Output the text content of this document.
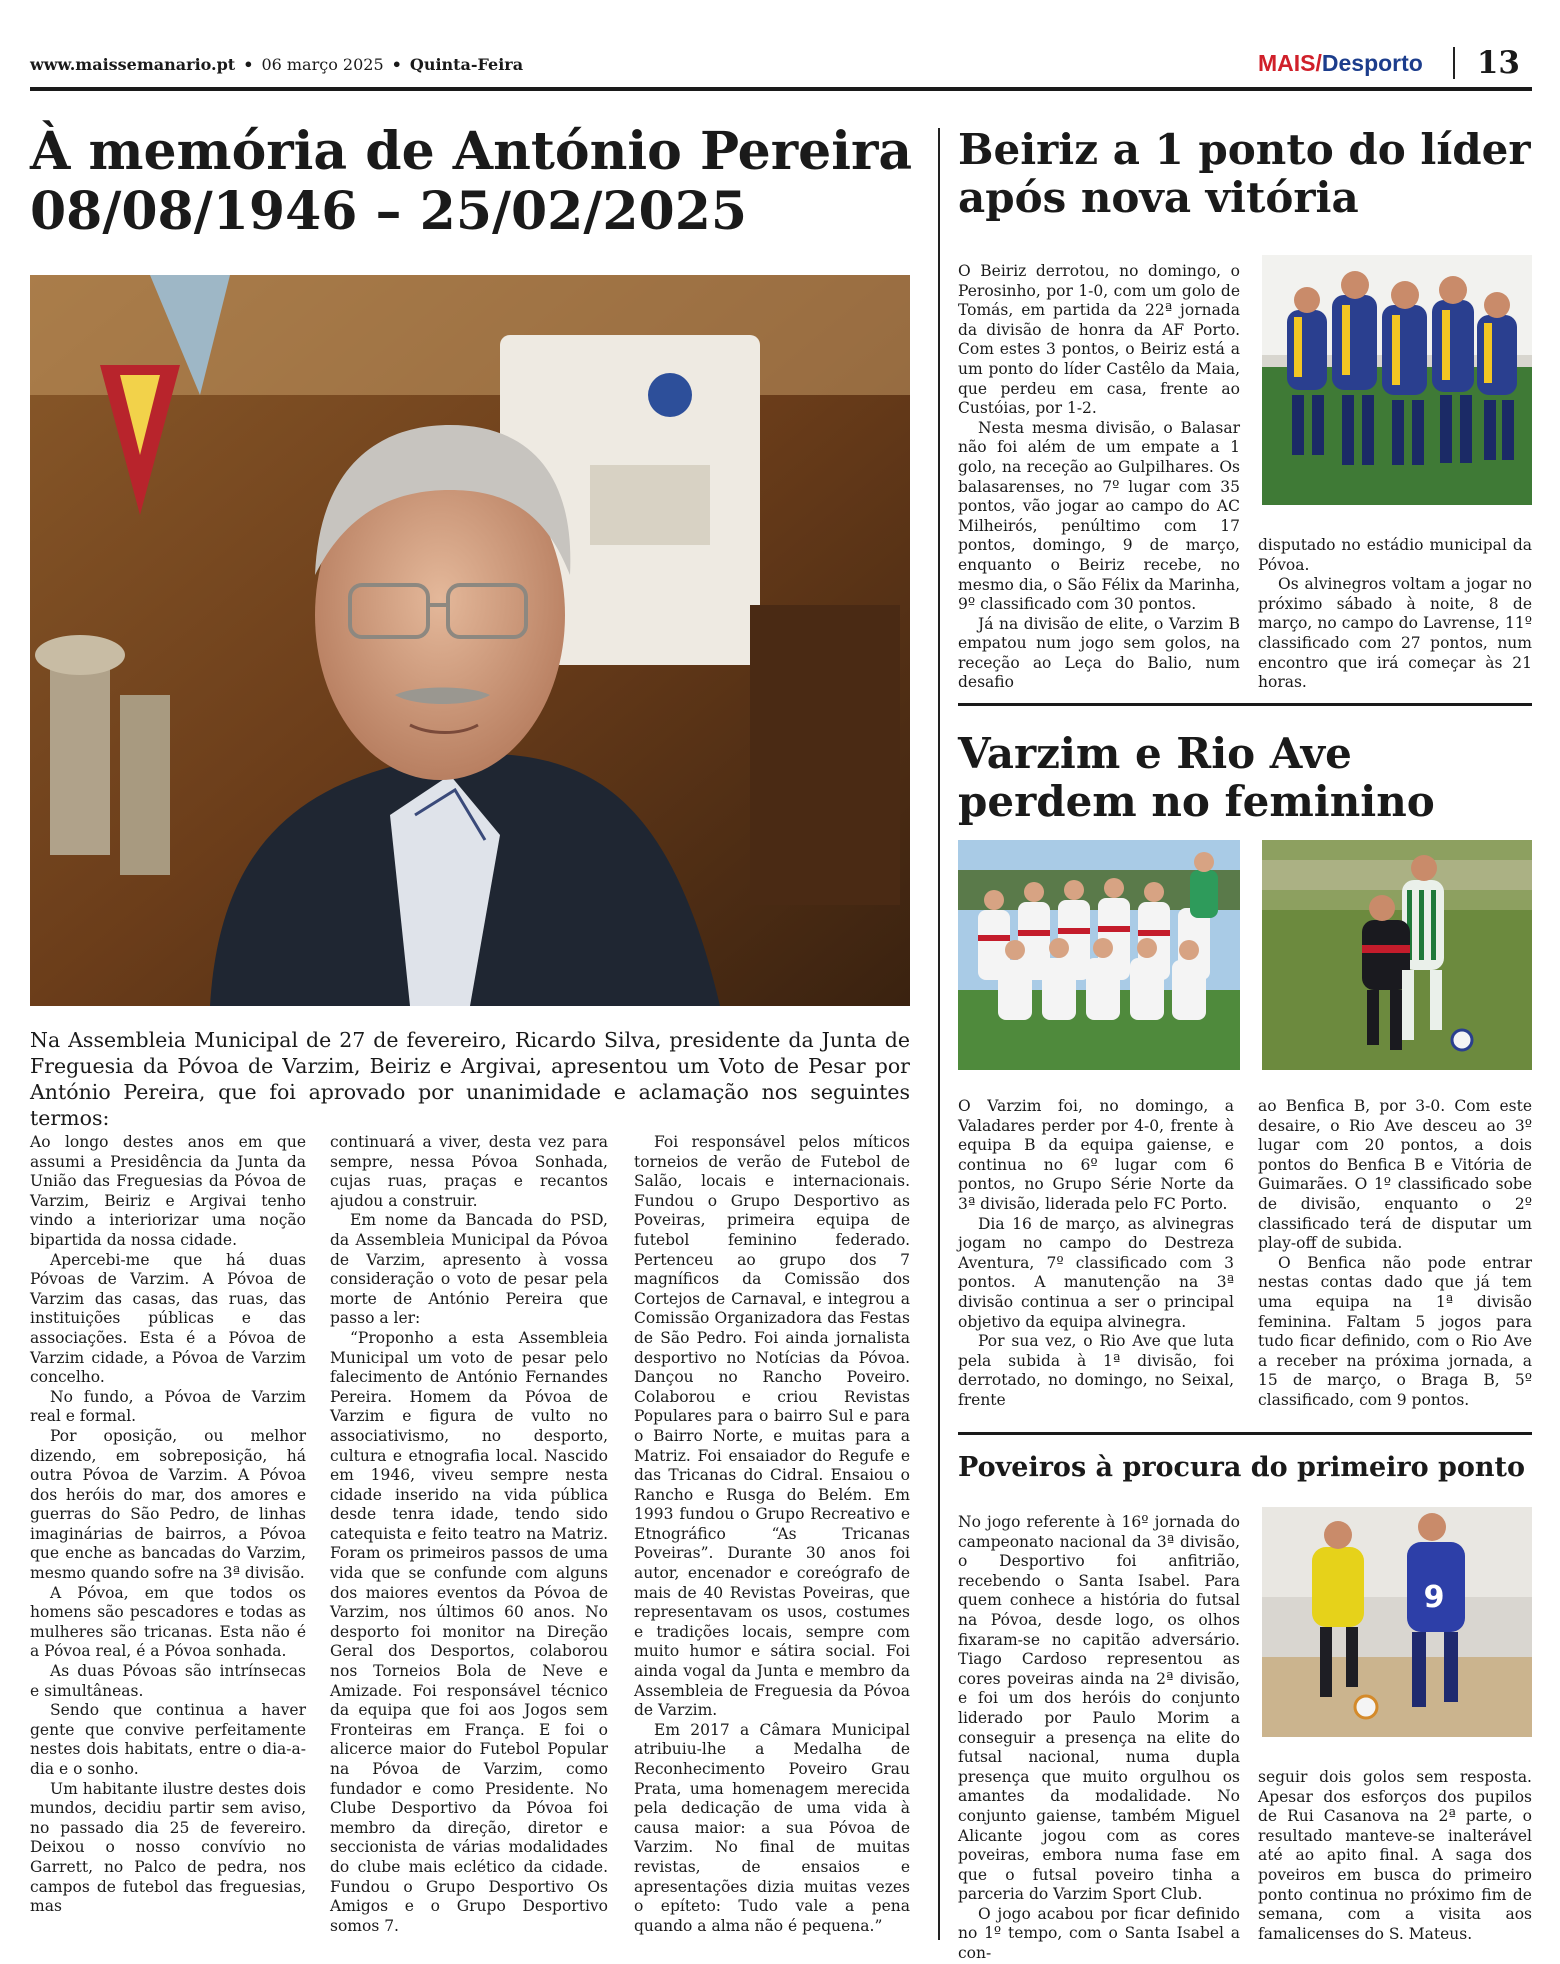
www.maissemanario.pt • 06 março 2025 • Quinta-Feira	MAIS / Desporto 13
À memória de António Pereira
08/08/1946 – 25/02/2025

Na Assembleia Municipal de 27 de fevereiro, Ricardo Silva, presidente da Junta de Freguesia da Póvoa de Varzim, Beiriz e Argivai, apresentou um Voto de Pesar por António Pereira, que foi aprovado por unanimidade e aclamação nos seguintes termos:

Ao longo destes anos em que assumi a Presidência da Junta da União das Freguesias da Póvoa de Varzim, Beiriz e Argivai tenho vindo a interiorizar uma noção bipartida da nossa cidade.

Apercebi-me que há duas Póvoas de Varzim. A Póvoa de Varzim das casas, das ruas, das instituições públicas e das associações. Esta é a Póvoa de Varzim cidade, a Póvoa de Varzim concelho.

No fundo, a Póvoa de Varzim real e formal.

Por oposição, ou melhor dizendo, em sobreposição, há outra Póvoa de Varzim. A Póvoa dos heróis do mar, dos amores e guerras do São Pedro, de linhas imaginárias de bairros, a Póvoa que enche as bancadas do Varzim, mesmo quando sofre na 3ª divisão.

A Póvoa, em que todos os homens são pescadores e todas as mulheres são tricanas. Esta não é a Póvoa real, é a Póvoa sonhada.

As duas Póvoas são intrínsecas e simultâneas.

Sendo que continua a haver gente que convive perfeitamente nestes dois habitats, entre o dia-a-dia e o sonho.

Um habitante ilustre destes dois mundos, decidiu partir sem aviso, no passado dia 25 de fevereiro. Deixou o nosso convívio no Garrett, no Palco de pedra, nos campos de futebol das freguesias, mas

continuará a viver, desta vez para sempre, nessa Póvoa Sonhada, cujas ruas, praças e recantos ajudou a construir.

Em nome da Bancada do PSD, da Assembleia Municipal da Póvoa de Varzim, apresento à vossa consideração o voto de pesar pela morte de António Pereira que passo a ler:

“Proponho a esta Assembleia Municipal um voto de pesar pelo falecimento de António Fernandes Pereira. Homem da Póvoa de Varzim e figura de vulto no associativismo, no desporto, cultura e etnografia local. Nascido em 1946, viveu sempre nesta cidade inserido na vida pública desde tenra idade, tendo sido catequista e feito teatro na Matriz. Foram os primeiros passos de uma vida que se confunde com alguns dos maiores eventos da Póvoa de Varzim, nos últimos 60 anos. No desporto foi monitor na Direção Geral dos Desportos, colaborou nos Torneios Bola de Neve e Amizade. Foi responsável técnico da equipa que foi aos Jogos sem Fronteiras em França. E foi o alicerce maior do Futebol Popular na Póvoa de Varzim, como fundador e como Presidente. No Clube Desportivo da Póvoa foi membro da direção, diretor e seccionista de várias modalidades do clube mais eclético da cidade. Fundou o Grupo Desportivo Os Amigos e o Grupo Desportivo somos 7.

Foi responsável pelos míticos torneios de verão de Futebol de Salão, locais e internacionais. Fundou o Grupo Desportivo as Poveiras, primeira equipa de futebol feminino federado. Pertenceu ao grupo dos 7 magníficos da Comissão dos Cortejos de Carnaval, e integrou a Comissão Organizadora das Festas de São Pedro. Foi ainda jornalista desportivo no Notícias da Póvoa. Dançou no Rancho Poveiro. Colaborou e criou Revistas Populares para o bairro Sul e para o Bairro Norte, e muitas para a Matriz. Foi ensaiador do Regufe e das Tricanas do Cidral. Ensaiou o Rancho e Rusga do Belém. Em 1993 fundou o Grupo Recreativo e Etnográfico “As Tricanas Poveiras”. Durante 30 anos foi autor, encenador e coreógrafo de mais de 40 Revistas Poveiras, que representavam os usos, costumes e tradições locais, sempre com muito humor e sátira social. Foi ainda vogal da Junta e membro da Assembleia de Freguesia da Póvoa de Varzim.

Em 2017 a Câmara Municipal atribuiu-lhe a Medalha de Reconhecimento Poveiro Grau Prata, uma homenagem merecida pela dedicação de uma vida à causa maior: a sua Póvoa de Varzim. No final de muitas revistas, de ensaios e apresentações dizia muitas vezes o epíteto: Tudo vale a pena quando a alma não é pequena.”

Beiriz a 1 ponto do líder após nova vitória

O Beiriz derrotou, no domingo, o Perosinho, por 1-0, com um golo de Tomás, em partida da 22ª jornada da divisão de honra da AF Porto. Com estes 3 pontos, o Beiriz está a um ponto do líder Castêlo da Maia, que perdeu em casa, frente ao Custóias, por 1-2.

Nesta mesma divisão, o Balasar não foi além de um empate a 1 golo, na receção ao Gulpilhares. Os balasarenses, no 7º lugar com 35 pontos, vão jogar ao campo do AC Milheirós, penúltimo com 17 pontos, domingo, 9 de março, enquanto o Beiriz recebe, no mesmo dia, o São Félix da Marinha, 9º classificado com 30 pontos.

Já na divisão de elite, o Varzim B empatou num jogo sem golos, na receção ao Leça do Balio, num desafio

disputado no estádio municipal da Póvoa.

Os alvinegros voltam a jogar no próximo sábado à noite, 8 de março, no campo do Lavrense, 11º classificado com 27 pontos, num encontro que irá começar às 21 horas.

Varzim e Rio Ave perdem no feminino

O Varzim foi, no domingo, a Valadares perder por 4-0, frente à equipa B da equipa gaiense, e continua no 6º lugar com 6 pontos, no Grupo Série Norte da 3ª divisão, liderada pelo FC Porto.

Dia 16 de março, as alvinegras jogam no campo do Destreza Aventura, 7º classificado com 3 pontos. A manutenção na 3ª divisão continua a ser o principal objetivo da equipa alvinegra.

Por sua vez, o Rio Ave que luta pela subida à 1ª divisão, foi derrotado, no domingo, no Seixal, frente

ao Benfica B, por 3-0. Com este desaire, o Rio Ave desceu ao 3º lugar com 20 pontos, a dois pontos do Benfica B e Vitória de Guimarães. O 1º classificado sobe de divisão, enquanto o 2º classificado terá de disputar um play-off de subida.

O Benfica não pode entrar nestas contas dado que já tem uma equipa na 1ª divisão feminina. Faltam 5 jogos para tudo ficar definido, com o Rio Ave a receber na próxima jornada, a 15 de março, o Braga B, 5º classificado, com 9 pontos.

Poveiros à procura do primeiro ponto
9

No jogo referente à 16º jornada do campeonato nacional da 3ª divisão, o Desportivo foi anfitrião, recebendo o Santa Isabel. Para quem conhece a história do futsal na Póvoa, desde logo, os olhos fixaram-se no capitão adversário. Tiago Cardoso representou as cores poveiras ainda na 2ª divisão, e foi um dos heróis do conjunto liderado por Paulo Morim a conseguir a presença na elite do futsal nacional, numa dupla presença que muito orgulhou os amantes da modalidade. No conjunto gaiense, também Miguel Alicante jogou com as cores poveiras, embora numa fase em que o futsal poveiro tinha a parceria do Varzim Sport Club.

O jogo acabou por ficar definido no 1º tempo, com o Santa Isabel a con-

seguir dois golos sem resposta. Apesar dos esforços dos pupilos de Rui Casanova na 2ª parte, o resultado manteve-se inalterável até ao apito final. A saga dos poveiros em busca do primeiro ponto continua no próximo fim de semana, com a visita aos famalicenses do S. Mateus.
